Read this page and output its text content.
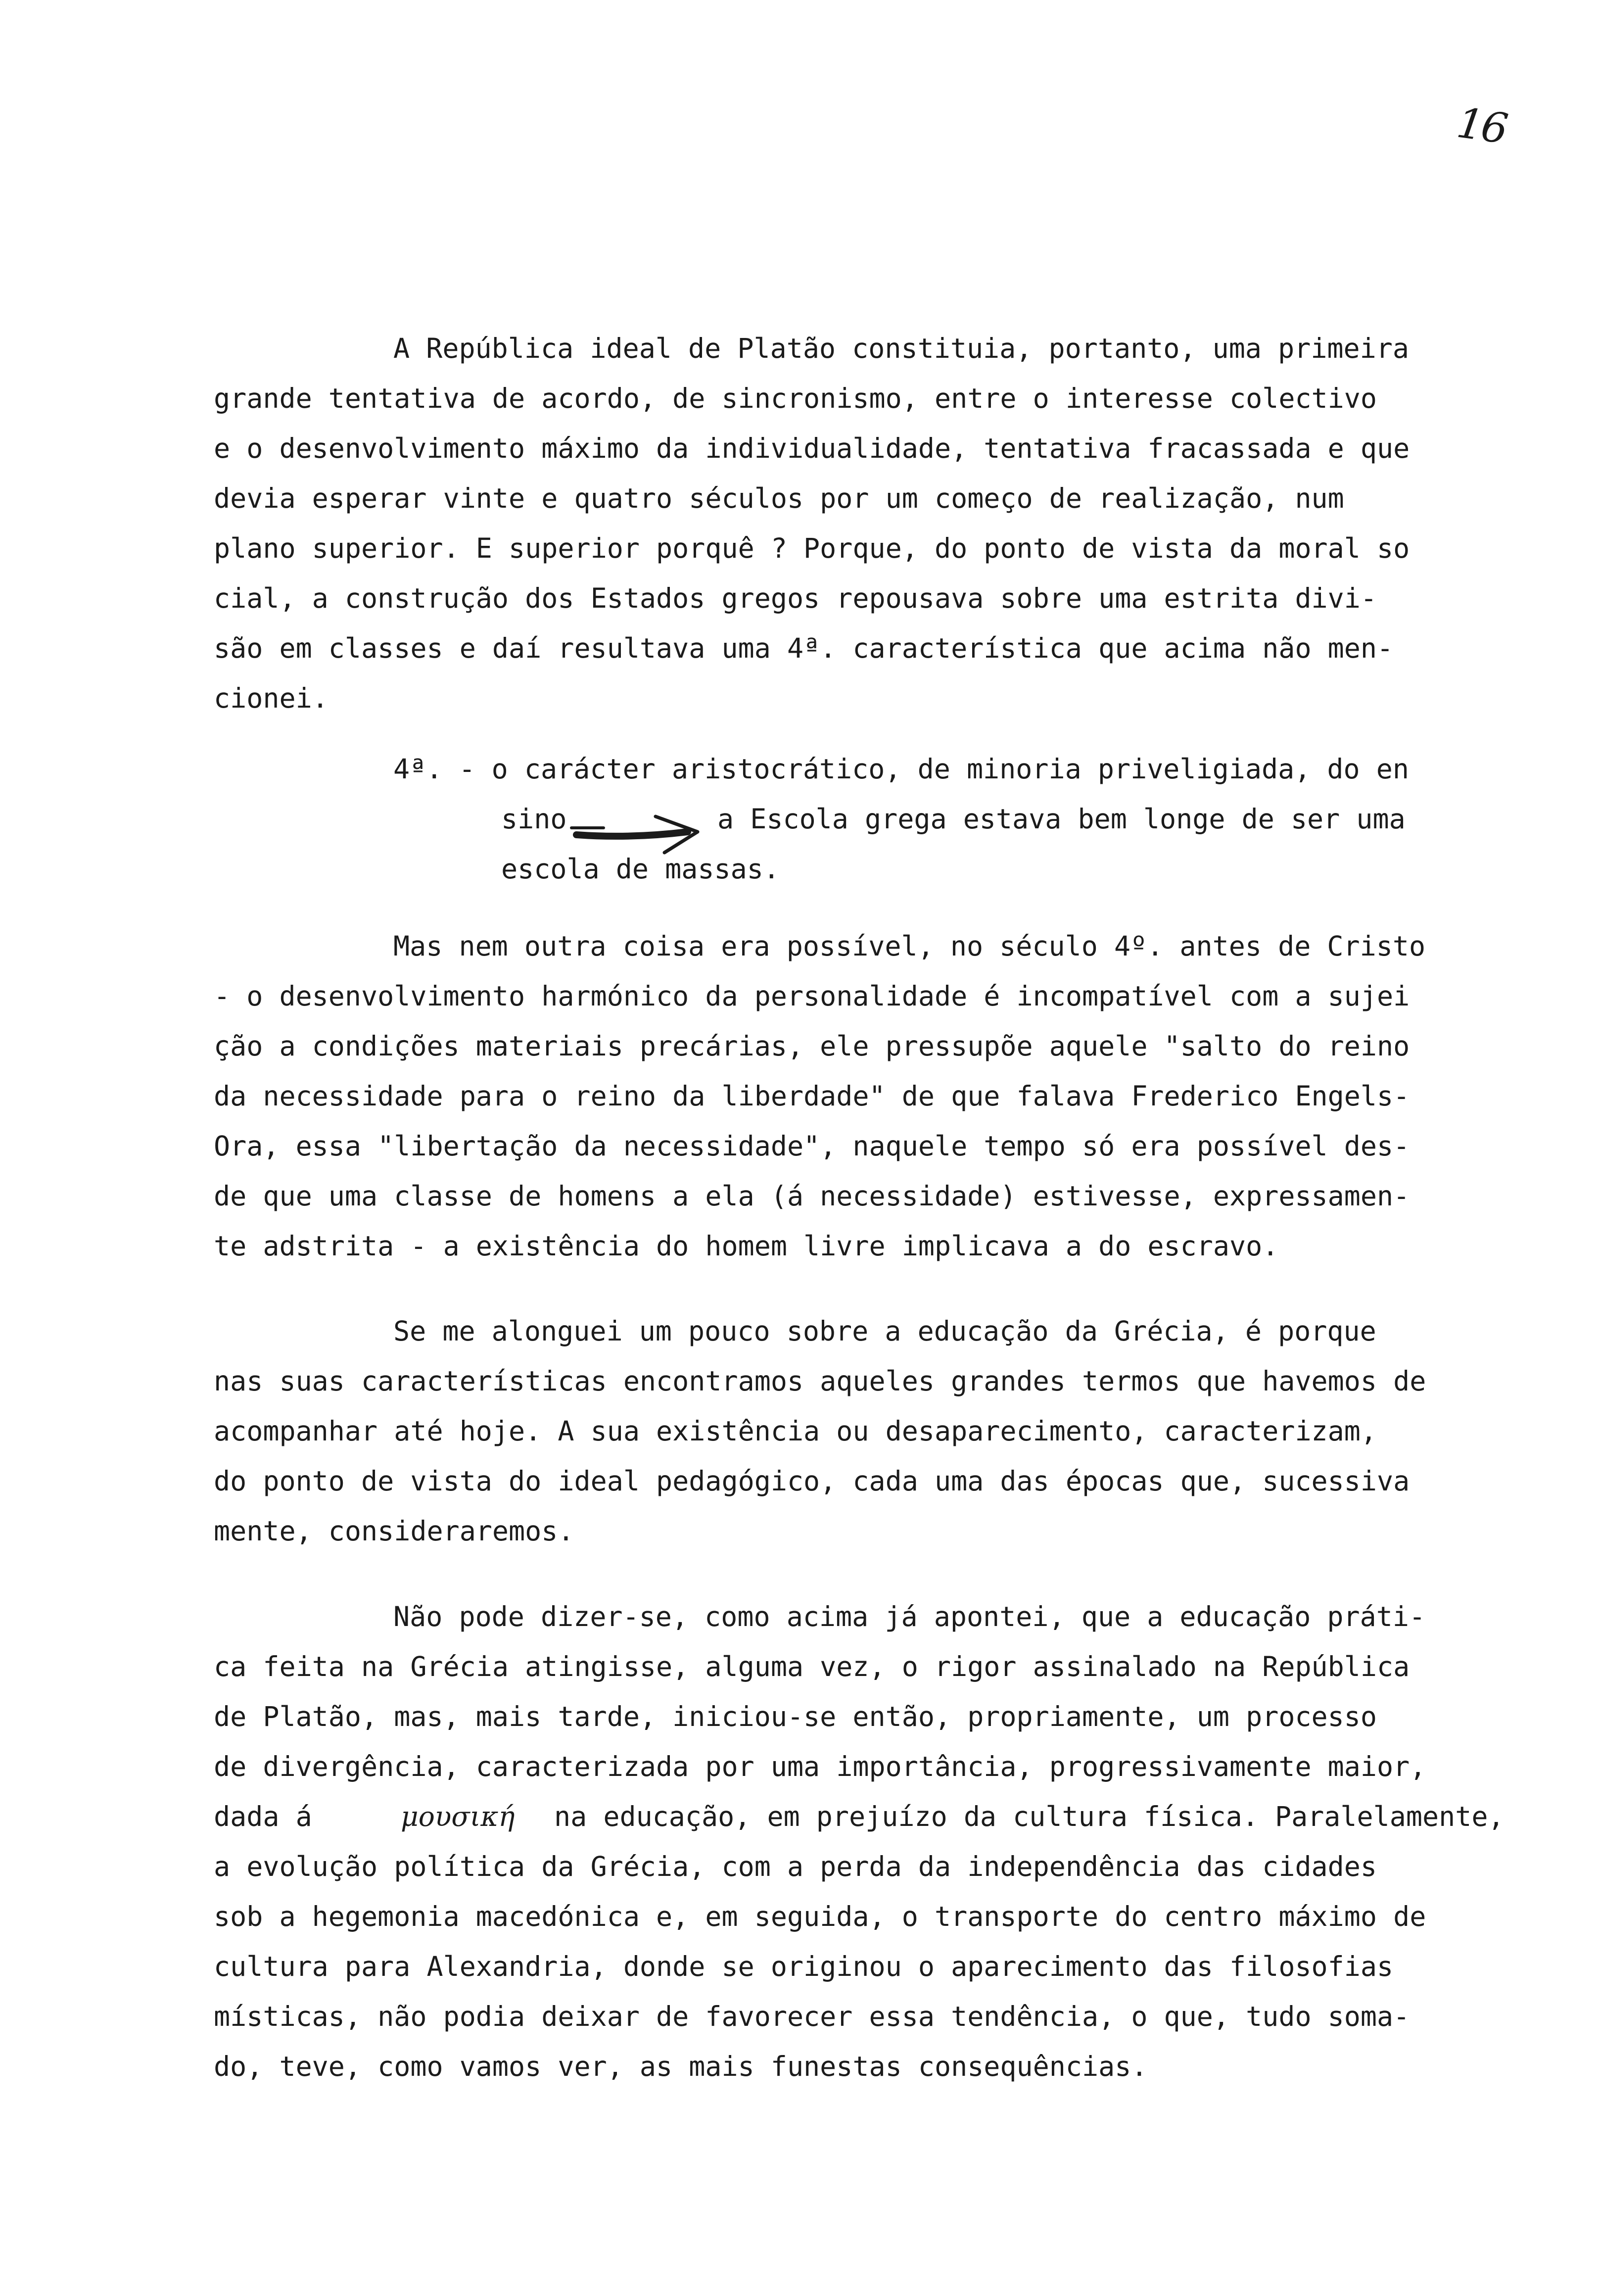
16
A República ideal de Platão constituia, portanto, uma primeira
grande tentativa de acordo, de sincronismo, entre o interesse colectivo
e o desenvolvimento máximo da individualidade, tentativa fracassada e que
devia esperar vinte e quatro séculos por um começo de realização, num
plano superior. E superior porquê ? Porque, do ponto de vista da moral so
cial, a construção dos Estados gregos repousava sobre uma estrita divi-
são em classes e daí resultava uma 4ª. característica que acima não men-
cionei.
4ª. - o carácter aristocrático, de minoria priveligiada, do en
sino	a Escola grega estava bem longe de ser uma
escola de massas.
Mas nem outra coisa era possível, no século 4º. antes de Cristo
- o desenvolvimento harmónico da personalidade é incompatível com a sujei
ção a condições materiais precárias, ele pressupõe aquele "salto do reino
da necessidade para o reino da liberdade" de que falava Frederico Engels-
Ora, essa "libertação da necessidade", naquele tempo só era possível des-
de que uma classe de homens a ela (á necessidade) estivesse, expressamen-
te adstrita - a existência do homem livre implicava a do escravo.
Se me alonguei um pouco sobre a educação da Grécia, é porque
nas suas características encontramos aqueles grandes termos que havemos de
acompanhar até hoje. A sua existência ou desaparecimento, caracterizam,
do ponto de vista do ideal pedagógico, cada uma das épocas que, sucessiva
mente, consideraremos.
Não pode dizer-se, como acima já apontei, que a educação práti-
ca feita na Grécia atingisse, alguma vez, o rigor assinalado na República
de Platão, mas, mais tarde, iniciou-se então, propriamente, um processo
de divergência, caracterizada por uma importância, progressivamente maior,
dada á	μουσική na educação, em prejuízo da cultura física. Paralelamente,
a evolução política da Grécia, com a perda da independência das cidades
sob a hegemonia macedónica e, em seguida, o transporte do centro máximo de
cultura para Alexandria, donde se originou o aparecimento das filosofias
místicas, não podia deixar de favorecer essa tendência, o que, tudo soma-
do, teve, como vamos ver, as mais funestas consequências.
